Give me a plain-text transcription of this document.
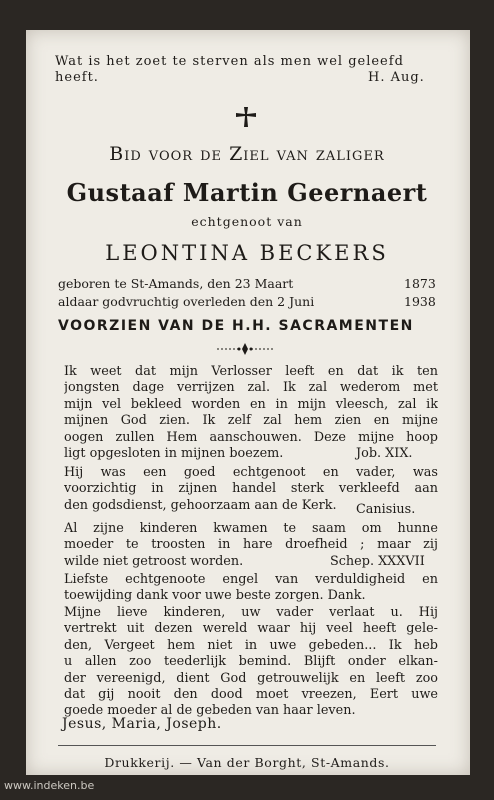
Wat is het zoet te sterven als men wel geleefd
heeft.	H. Aug.
Bid voor de Ziel van zaliger
Gustaaf Martin Geernaert
echtgenoot van
LEONTINA BECKERS
geboren te St-Amands, den 23 Maart	1873
aldaar godvruchtig overleden den 2 Juni	1938
VOORZIEN VAN DE H.H. SACRAMENTEN
Ik weet dat mijn Verlosser leeft en dat ik ten
jongsten dage verrijzen zal. Ik zal wederom met
mijn vel bekleed worden en in mijn vleesch, zal ik
mijnen God zien. Ik zelf zal hem zien en mijne
oogen zullen Hem aanschouwen. Deze mijne hoop
ligt opgesloten in mijnen boezem.	Job. XIX.
Hij was een goed echtgenoot en vader, was
voorzichtig in zijnen handel sterk verkleefd aan
den godsdienst, gehoorzaam aan de Kerk.	Canisius.
Al zijne kinderen kwamen te saam om hunne
moeder te troosten in hare droefheid ; maar zij
wilde niet getroost worden.	Schep. XXXVII
Liefste echtgenoote engel van verduldigheid en
toewijding dank voor uwe beste zorgen. Dank.
Mijne lieve kinderen, uw vader verlaat u. Hij
vertrekt uit dezen wereld waar hij veel heeft gele-
den, Vergeet hem niet in uwe gebeden... Ik heb
u allen zoo teederlijk bemind. Blijft onder elkan-
der vereenigd, dient God getrouwelijk en leeft zoo
dat gij nooit den dood moet vreezen, Eert uwe
goede moeder al de gebeden van haar leven.
Jesus, Maria, Joseph.
Drukkerij. — Van der Borght, St-Amands.
www.indeken.be
